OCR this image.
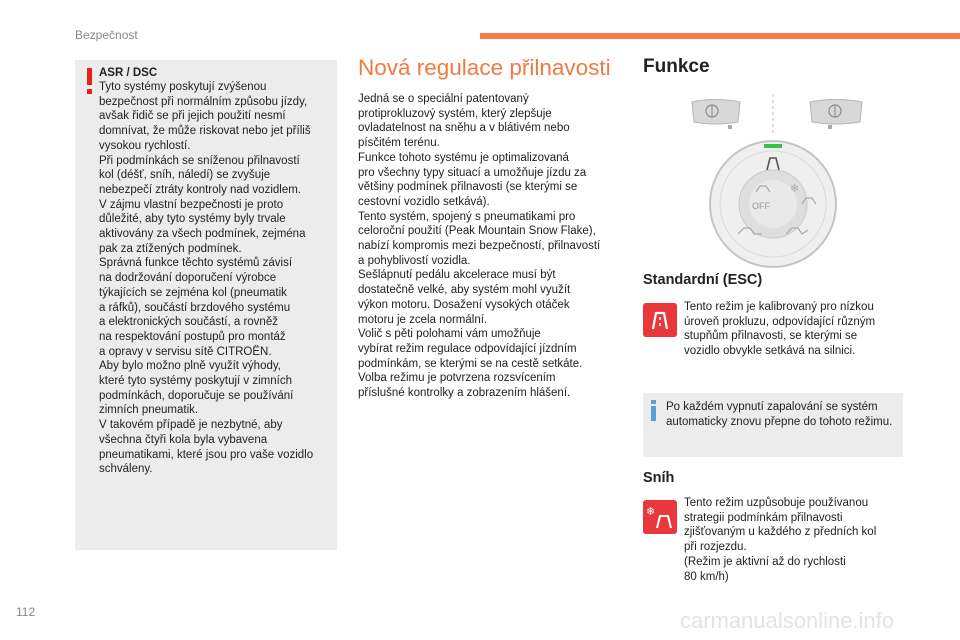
Bezpečnost
ASR / DSC
Tyto systémy poskytují zvýšenou
bezpečnost při normálním způsobu jízdy,
avšak řidič se při jejich použití nesmí
domnívat, že může riskovat nebo jet příliš
vysokou rychlostí.
Při podmínkách se sníženou přilnavostí
kol (déšť, sníh, náledí) se zvyšuje
nebezpečí ztráty kontroly nad vozidlem.
V zájmu vlastní bezpečnosti je proto
důležité, aby tyto systémy byly trvale
aktivovány za všech podmínek, zejména
pak za ztížených podmínek.
Správná funkce těchto systémů závisí
na dodržování doporučení výrobce
týkajících se zejména kol (pneumatik
a ráfků), součástí brzdového systému
a elektronických součástí, a rovněž
na respektování postupů pro montáž
a opravy v servisu sítě CITROËN.
Aby bylo možno plně využít výhody,
které tyto systémy poskytují v zimních
podmínkách, doporučuje se používání
zimních pneumatik.
V takovém případě je nezbytné, aby
všechna čtyři kola byla vybavena
pneumatikami, které jsou pro vaše vozidlo
schváleny.
Nová regulace přilnavosti
Jedná se o speciální patentovaný
protiprokluzový systém, který zlepšuje
ovladatelnost na sněhu a v blátivém nebo
písčitém terénu.
Funkce tohoto systému je optimalizovaná
pro všechny typy situací a umožňuje jízdu za
většiny podmínek přilnavosti (se kterými se
cestovní vozidlo setkává).
Tento systém, spojený s pneumatikami pro
celoroční použití (Peak Mountain Snow Flake),
nabízí kompromis mezi bezpečností, přilnavostí
a pohyblivostí vozidla.
Sešlápnutí pedálu akcelerace musí být
dostatečně velké, aby systém mohl využít
výkon motoru. Dosažení vysokých otáček
motoru je zcela normální.
Volič s pěti polohami vám umožňuje
vybírat režim regulace odpovídající jízdním
podmínkám, se kterými se na cestě setkáte.
Volba režimu je potvrzena rozsvícením
příslušné kontrolky a zobrazením hlášení.
Funkce
OFF
❄
Standardní (ESC)
Tento režim je kalibrovaný pro nízkou
úroveň prokluzu, odpovídající různým
stupňům přilnavosti, se kterými se
vozidlo obvykle setkává na silnici.
Po každém vypnutí zapalování se systém automaticky znovu přepne do tohoto režimu.
Sníh
❄
Tento režim uzpůsobuje používanou
strategii podmínkám přilnavosti
zjišťovaným u každého z předních kol
při rozjezdu.
(Režim je aktivní až do rychlosti
80 km/h)
112	carmanualsonline.info
